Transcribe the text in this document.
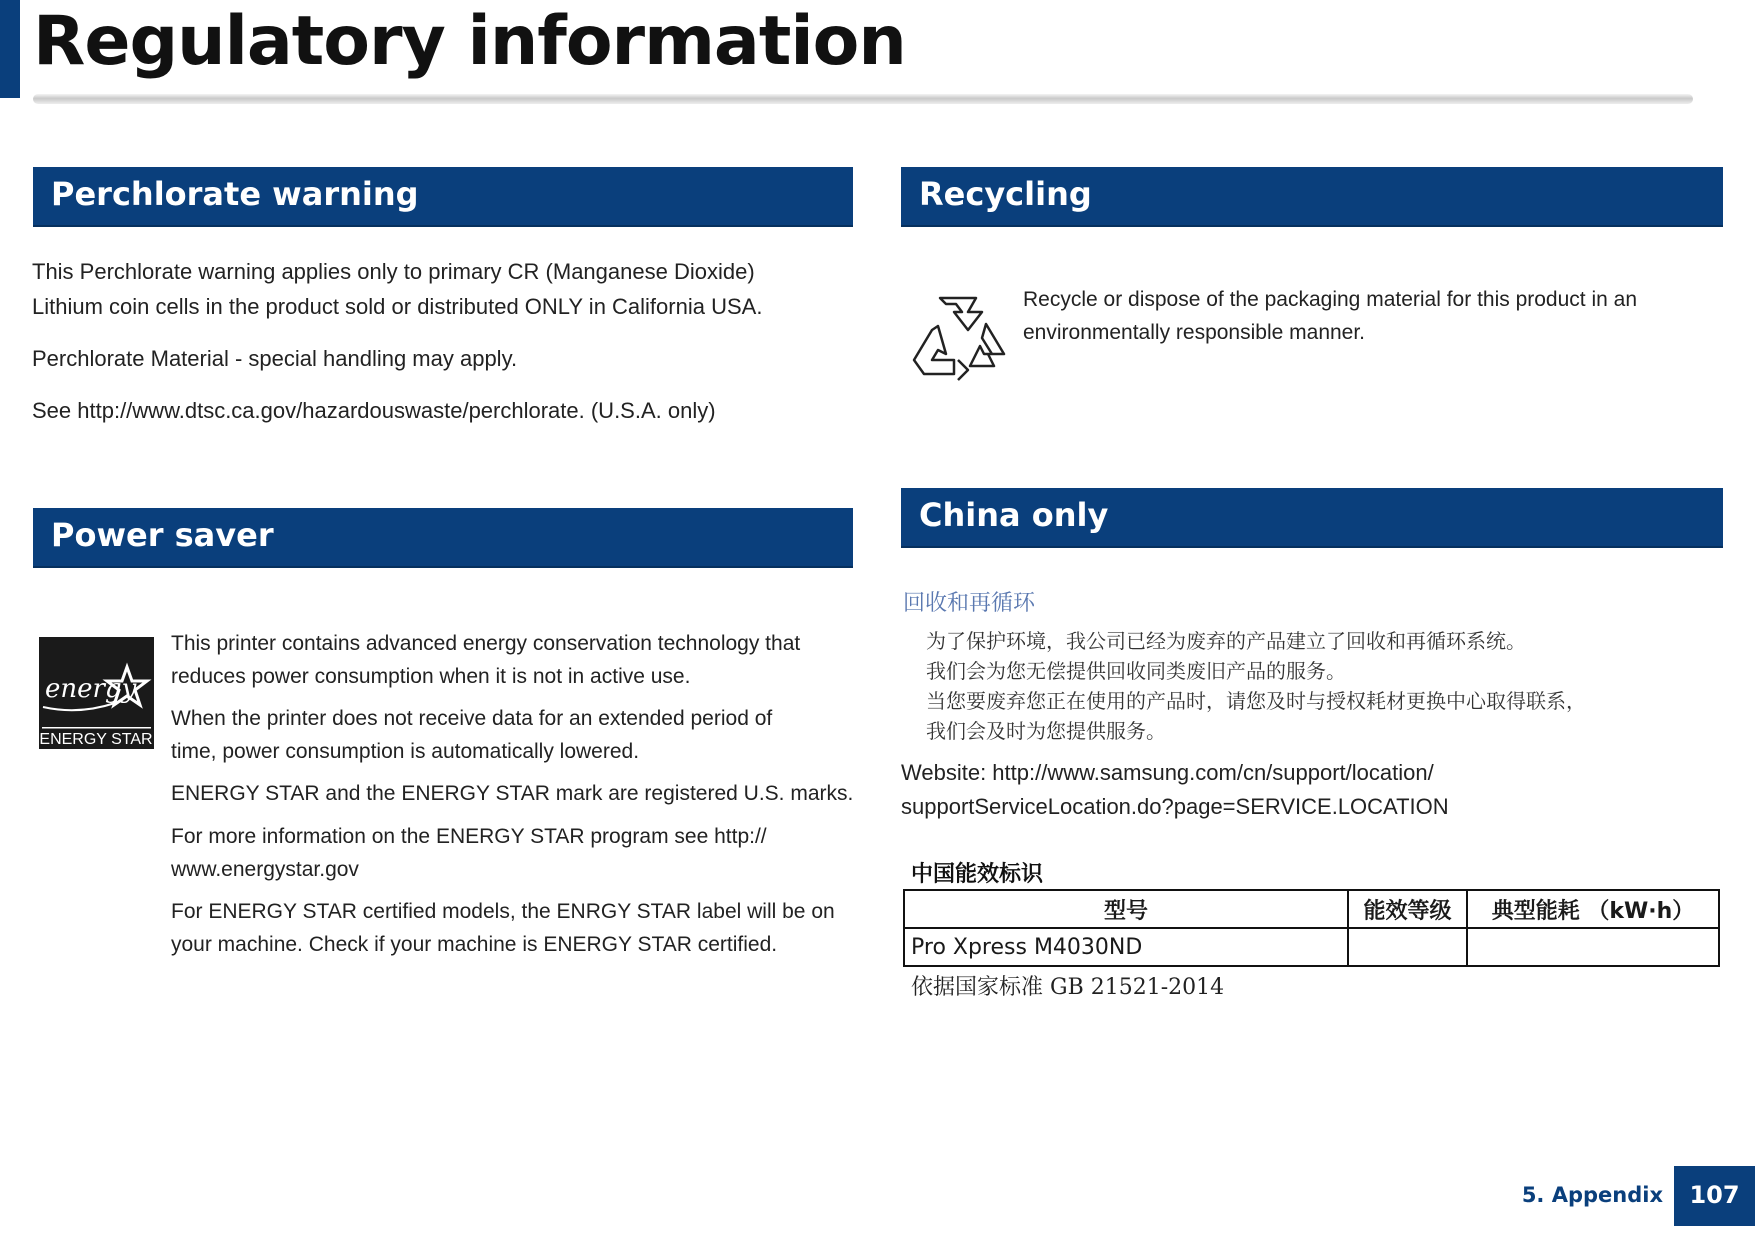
Regulatory information
Perchlorate warning

This Perchlorate warning applies only to primary CR (Manganese Dioxide)

Lithium coin cells in the product sold or distributed ONLY in California USA.

Perchlorate Material - special handling may apply.

See http://www.dtsc.ca.gov/hazardouswaste/perchlorate. (U.S.A. only)

Power saver
energy
ENERGY STAR

This printer contains advanced energy conservation technology that

reduces power consumption when it is not in active use.

When the printer does not receive data for an extended period of

time, power consumption is automatically lowered.

ENERGY STAR and the ENERGY STAR mark are registered U.S. marks.

For more information on the ENERGY STAR program see http://

www.energystar.gov

For ENERGY STAR certified models, the ENRGY STAR label will be on

your machine. Check if your machine is ENERGY STAR certified.

Recycling

Recycle or dispose of the packaging material for this product in an

environmentally responsible manner.

China only

回收和再循环

为了保护环境，我公司已经为废弃的产品建立了回收和再循环系统。

我们会为您无偿提供回收同类废旧产品的服务。

当您要废弃您正在使用的产品时，请您及时与授权耗材更换中心取得联系，

我们会及时为您提供服务。

Website: http://www.samsung.com/cn/support/location/

supportServiceLocation.do?page=SERVICE.LOCATION

中国能效标识

型号	能效等级	典型能耗 （kW·h）
Pro Xpress M4030ND		

依据国家标准 GB 21521-2014

5. Appendix	107
